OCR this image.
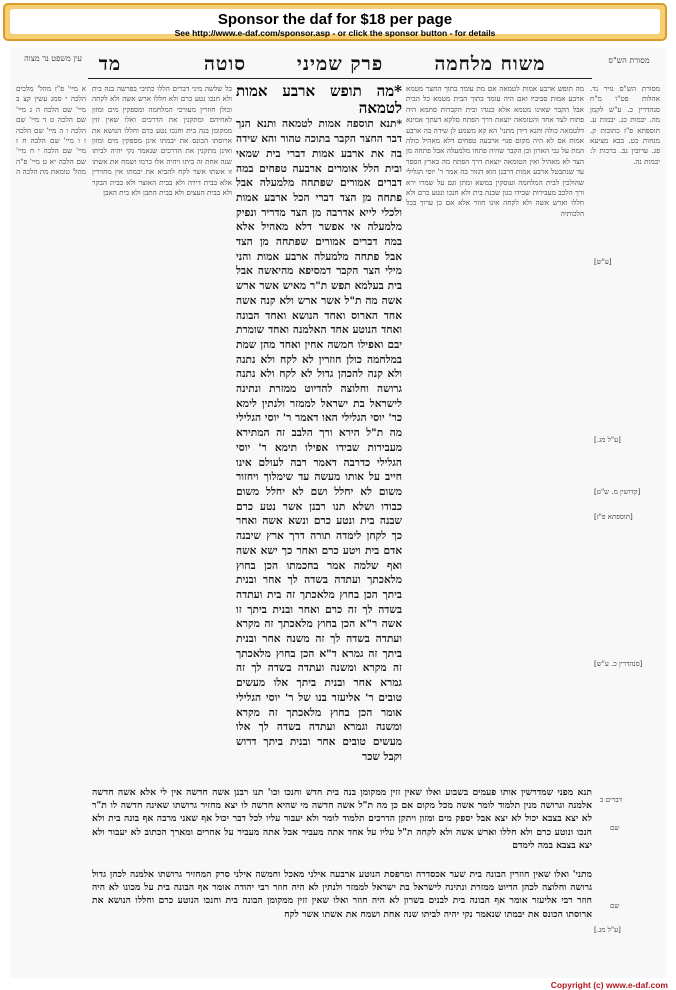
Sponsor the daf for $18 per page
See http://www.e-daf.com/sponsor.asp - or click the sponsor button - for details
עין משפט נר מצוה מד	סוטה	פרק שמיני	משוח מלחמה	מסורת הש"ס

א מיי' פ"ז מהל' מלכים הלכה י סמג עשין קצ ב מיי' שם הלכה ה ג מיי' שם הלכה ט ד מיי' שם הלכה ו ה מיי' שם הלכה ז ו מיי' שם הלכה ח ז מיי' שם הלכה י ח מיי' שם הלכה יא ט מיי' פ"ה מהל' טומאת מת הלכה ה

כל שלשה מיני דברים הללו כתיבי בפרשה בנה בית ולא חנכו נטע כרם ולא חללו ארש אשה ולא לקחה וכולן חוזרין מעורכי המלחמה ומספקין מים ומזון לאחיהם ומתקנין את הדרכים ואלו שאין זזין ממקומן בנה בית וחנכו נטע כרם וחללו הנושא את ארוסתו הכונס את יבמתו אינן מספקין מים ומזון ואינן מתקנין את הדרכים שנאמר נקי יהיה לביתו שנה אחת זה ביתו ויהיה אלו כרמו ושמח את אשתו זו אשתו אשר לקח להביא את יבמתו אין מחזירין אלא בבית דירה ולא בבית האוצר ולא בבית הבקר ולא בבית העצים ולא בבית התבן ולא בית האבן

*מה תופש ארבע אמות לטמאה

*תנא תוספה אמות לטמאה ותנא הנך דבר החצר הקבר בתוכה טהור והא שידה בה את ארבע אמות דברי בית שמאי ובית הלל אומרים ארבעה טפחים במה דברים אמורים שפתחה מלמעלה אבל פתחה מן הצד דברי הכל ארבע אמות ולכלי לייא אדרבה מן הצד מדריר ונפיק מלמעלה אי אפשר דלא מאהיל אלא במה דברים אמורים שפתחה מן הצד אבל פתחה מלמעלה ארבע אמות והני מילי הצר הקבר דמסיפא מהיאשה אבל בית בעלמא תפש ת"ר מאיש אשר ארש אשה מה ת"ל אשר ארש ולא קנה אשה אחד הארוס ואחד הנושא ואחד הבונה ואחד הנוטע אחד האלמנה ואחד שומרת יבם ואפילו חמשה אחין ואחד מהן שמת במלחמה כולן חוזרין לא לקח ולא נתנה ולא קנה להכהן גדול לא לקח ולא נתנה גרושה וחלוצה להדיוט ממזרת ונתינה לישראל בת ישראל לממזר ולנתין לימא כר' יוסי הגלילי האו דאמר ר' יוסי הגלילי מה ת"ל הירא ורך הלבב זה המתירא מעבירות שבידו אפילו תימא ר' יוסי הגלילי כדרבה דאמר רבה לעולם אינו חייב על אותו מעשה עד שימלוך ויחזור משום לא יחלל ושם לא יחלל משום כבודו ושלא תנו רבנן אשר נטע כרם שבנה בית ונטע כרם ונשא אשה ואחר כך לקחן לימדה תורה דרך ארץ שיבנה אדם בית ויטע כרם ואחר כך ישא אשה ואף שלמה אמר בחכמתו הכן בחוץ מלאכתך ועתדה בשדה לך אחר ובנית ביתך הכן בחוץ מלאכתך זה בית ועתדה בשדה לך זה כרם ואחר ובנית ביתך זו אשה ר"א הכן בחוץ מלאכתך זה מקרא ועתדה בשדה לך זה משנה אחר ובנית ביתך זה גמרא ד"א הכן בחוץ מלאכתך זה מקרא ומשנה ועתדה בשדה לך זה גמרא אחר ובנית ביתך אלו מעשים טובים ר' אליעזר בנו של ר' יוסי הגלילי אומר הכן בחוץ מלאכתך זה מקרא ומשנה וגמרא ועתדה בשדה לך אלו מעשים טובים אחר ובנית ביתך דרוש וקבל שכר

מה תופש ארבע אמות לטמאה אם מת עומד בתוך החצר מטמא ארבע אמות סביביו ואם היה עומד בתוך הבית מטמא כל הבית אבל הקבר שאינו מטמא אלא כנגדו ובית הקברות סתמא היה פתוח לצד אחד והטומאה יוצאת דרך הפתח סלקא דעתך אמינא דלטמאה כולה ותנא דידן מתני' הא קא משמע לן שידה בה ארבע אמות אם לא היה מקום פנוי ארבעה טפחים דלא מאהיל כולה המת על גבי הארון וכן הקבר שהיה פתחו מלמעלה אבל פתחה מן הצד לא מאהיל ואין הטומאה יוצאת דרך הפתח מה בארץ הספר עד שנתבטל ארבע אמות דרבנן הוא דגזור בה אמר ר' יוסי הגלילי שהולכין לבית המלחמה ועוסקין במשא ומתן וגם על שמרו ירא ורך הלבב מעבירות שבידו כגון שבנה בית ולא חנכו ונטע כרם ולא חללו וארש אשה ולא לקחה אינו חוזר אלא אם כן ערוך בכל הלכותיה

מסורת הש"ס נזיר נד. אהלות פט"ו מ"ח סנהדרין כ. ע"ש לקמן מה. יבמות כג. יבמות ע. תוספתא פ"ז כתובות ק. מנחות כט. בבא מציעא פג. ערובין נב. ברכות ל: יבמות נה.

תנא מפני שמדרשין אותו פעמים בשבוע ואלו שאין זזין ממקומן בנה בית חדש וחנכו וכו' תנו רבנן אשה חדשה אין לי אלא אשה חדשה אלמנה וגרושה מנין תלמוד לומר אשה מכל מקום אם כן מה ת"ל אשה חדשה מי שהיא חדשה לו יצא מחזיר גרושתו שאינה חדשה לו ת"ר לא יצא בצבא יכול לא יצא אבל יספק מים ומזון ויתקן הדרכים תלמוד לומר ולא יעבור עליו לכל דבר יכול אף שאני מרבה אף בונה בית ולא חנכו ונוטע כרם ולא חללו וארש אשה ולא לקחה ת"ל עליו על אחד אתה מעביר אבל אתה מעביר על אחרים ומארך הכתוב לא יעבור ולא יצא בצבא במה לימדם

מתני' ואלו שאין חוזרין הבונה בית שער אכסדרה ומרפסת הנוטע ארבעה אילני מאכל וחמשה אילני סרק המחזיר גרושתו אלמנה לכהן גדול גרושה וחלוצה לכהן הדיוט ממזרת ונתינה לישראל בת ישראל לממזר ולנתין לא היה חוזר רבי יהודה אומר אף הבונה בית על מכונו לא היה חוזר רבי אליעזר אומר אף הבונה בית לבנים בשרון לא היה חוזר ואלו שאין זזין ממקומן הבונה בית וחנכו הנוטע כרם וחללו הנושא את ארוסתו הכונס את יבמתו שנאמר נקי יהיה לביתו שנה אחת ושמח את אשתו אשר לקח

[ע"ש]
[ע"ל מג.]
[קדושין מ. ש"ט]
[תוספתא פ"ז]
[סנהדרין כ. ע"ש]
דברים כ
שם
שם
[ע"ל מג.]
Copyright (c) www.e-daf.com
